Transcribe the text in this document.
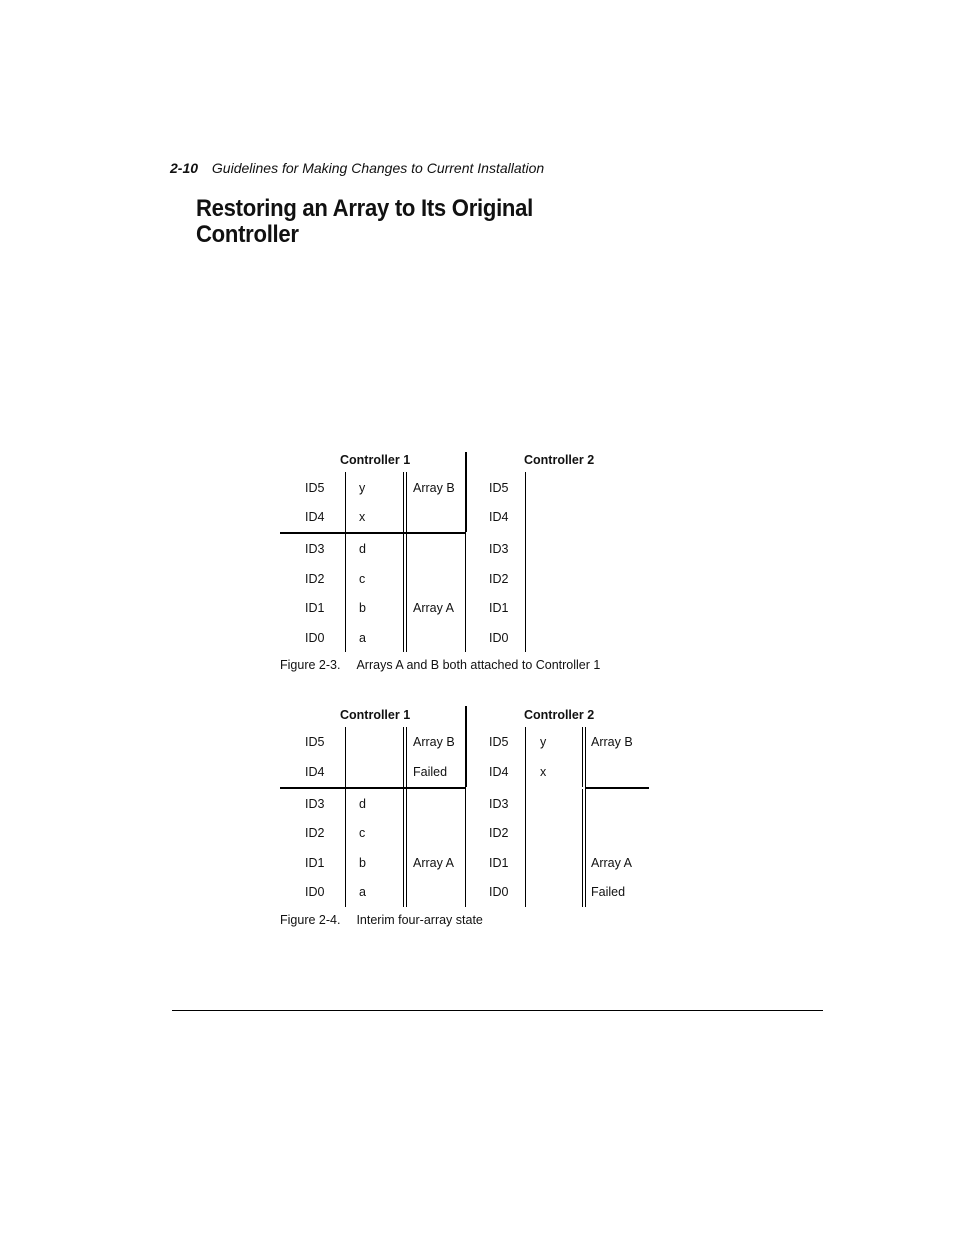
2-10 Guidelines for Making Changes to Current Installation
Restoring an Array to Its Original
Controller
Controller 1	Controller 2
ID5
ID4
ID3
ID2
ID1
ID0
y
x
d
c
b
a
Array B
Array A
ID5
ID4
ID3
ID2
ID1
ID0
Figure 2-3. Arrays A and B both attached to Controller 1
Controller 1	Controller 2
ID5
ID4
ID3
ID2
ID1
ID0
d
c
b
a
Array B
Failed
Array A
ID5
ID4
ID3
ID2
ID1
ID0
y
x
Array B
Array A
Failed
Figure 2-4. Interim four-array state
